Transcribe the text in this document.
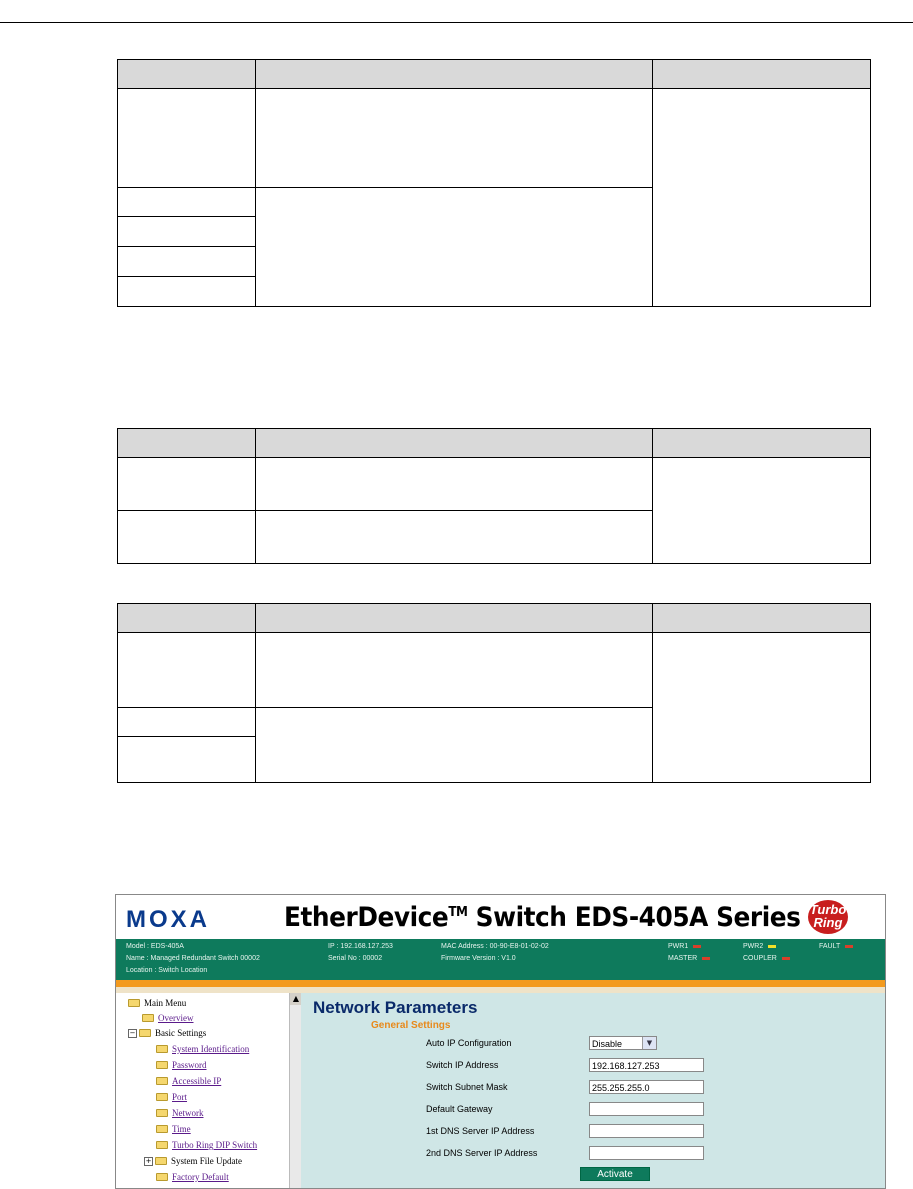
MOXA	EtherDevice™ Switch EDS-405A Series Turbo Ring
Model : EDS-405A
Name : Managed Redundant Switch 00002
Location : Switch Location
IP : 192.168.127.253
Serial No : 00002
MAC Address : 00-90-E8-01-02-02
Firmware Version : V1.0
PWR1	PWR2	FAULT
MASTER	COUPLER
Main Menu
Overview
− Basic Settings
System Identification
Password
Accessible IP
Port
Network
Time
Turbo Ring DIP Switch
+ System File Update
Factory Default
▲ Network Parameters
General Settings
Auto IP Configuration	Disable	▼
Switch IP Address	192.168.127.253
Switch Subnet Mask	255.255.255.0
Default Gateway
1st DNS Server IP Address
2nd DNS Server IP Address
Activate
